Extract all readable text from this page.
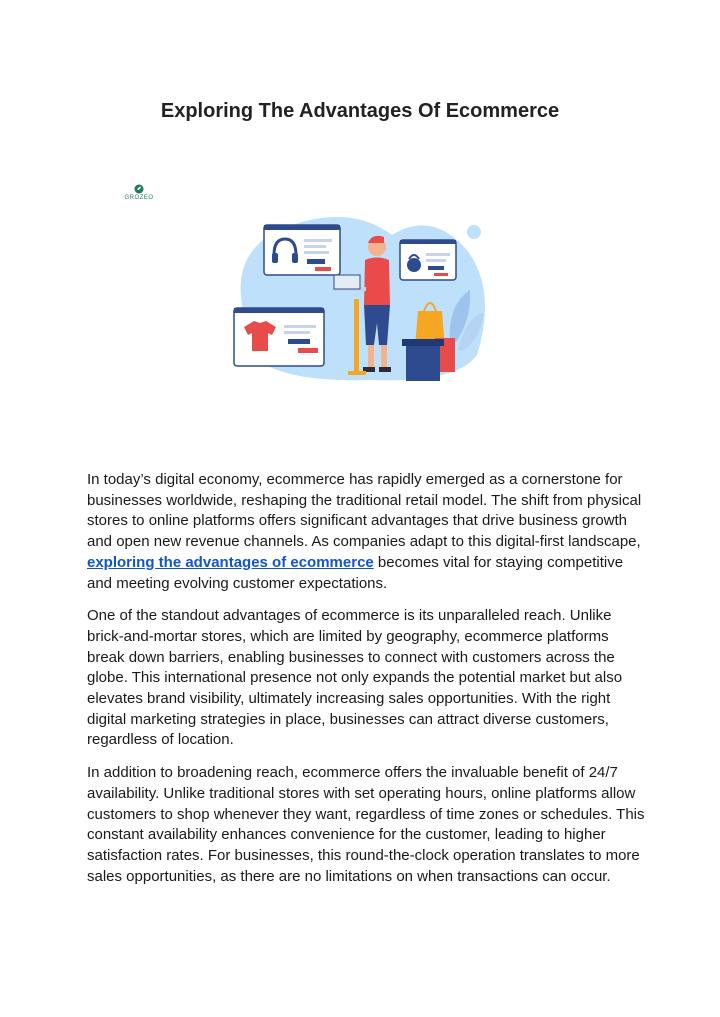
Exploring The Advantages Of Ecommerce
GROZEO

In today’s digital economy, ecommerce has rapidly emerged as a cornerstone for businesses worldwide, reshaping the traditional retail model. The shift from physical stores to online platforms offers significant advantages that drive business growth and open new revenue channels. As companies adapt to this digital-first landscape, exploring the advantages of ecommerce becomes vital for staying competitive and meeting evolving customer expectations.

One of the standout advantages of ecommerce is its unparalleled reach. Unlike brick-and-mortar stores, which are limited by geography, ecommerce platforms break down barriers, enabling businesses to connect with customers across the globe. This international presence not only expands the potential market but also elevates brand visibility, ultimately increasing sales opportunities. With the right digital marketing strategies in place, businesses can attract diverse customers, regardless of location.

In addition to broadening reach, ecommerce offers the invaluable benefit of 24/7 availability. Unlike traditional stores with set operating hours, online platforms allow customers to shop whenever they want, regardless of time zones or schedules. This constant availability enhances convenience for the customer, leading to higher satisfaction rates. For businesses, this round-the-clock operation translates to more sales opportunities, as there are no limitations on when transactions can occur.
